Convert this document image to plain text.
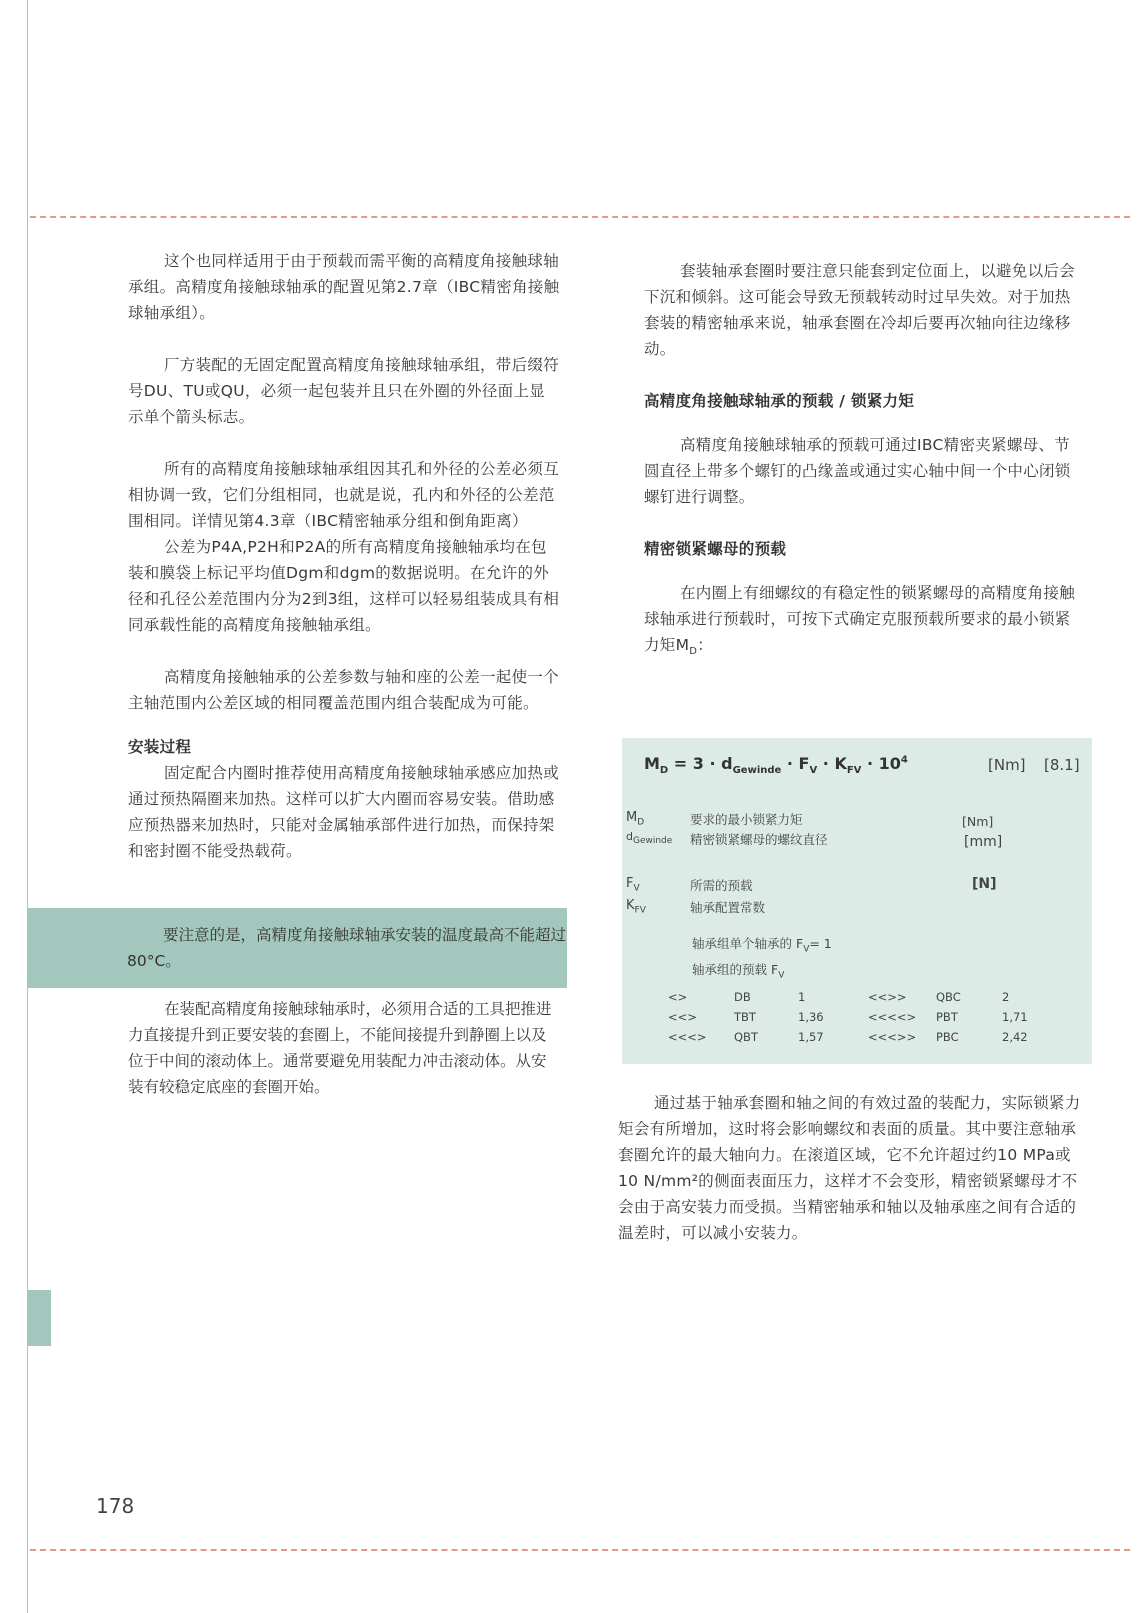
这个也同样适用于由于预载而需平衡的高精度角接触球轴承组。高精度角接触球轴承的配置见第2.7章（IBC精密角接触球轴承组）。

厂方装配的无固定配置高精度角接触球轴承组，带后缀符号DU、TU或QU，必须一起包装并且只在外圈的外径面上显示单个箭头标志。

所有的高精度角接触球轴承组因其孔和外径的公差必须互相协调一致，它们分组相同，也就是说，孔内和外径的公差范围相同。详情见第4.3章（IBC精密轴承分组和倒角距离）

公差为P4A,P2H和P2A的所有高精度角接触轴承均在包装和膜袋上标记平均值Dgm和dgm的数据说明。在允许的外径和孔径公差范围内分为2到3组，这样可以轻易组装成具有相同承载性能的高精度角接触轴承组。

高精度角接触轴承的公差参数与轴和座的公差一起使一个主轴范围内公差区域的相同覆盖范围内组合装配成为可能。

安装过程

固定配合内圈时推荐使用高精度角接触球轴承感应加热或通过预热隔圈来加热。这样可以扩大内圈而容易安装。借助感应预热器来加热时，只能对金属轴承部件进行加热，而保持架和密封圈不能受热载荷。

要注意的是，高精度角接触球轴承安装的温度最高不能超过80°C。

在装配高精度角接触球轴承时，必须用合适的工具把推进力直接提升到正要安装的套圈上，不能间接提升到静圈上以及位于中间的滚动体上。通常要避免用装配力冲击滚动体。从安装有较稳定底座的套圈开始。

套装轴承套圈时要注意只能套到定位面上，以避免以后会下沉和倾斜。这可能会导致无预载转动时过早失效。对于加热套装的精密轴承来说，轴承套圈在冷却后要再次轴向往边缘移动。

高精度角接触球轴承的预载 / 锁紧力矩

高精度角接触球轴承的预载可通过IBC精密夹紧螺母、节圆直径上带多个螺钉的凸缘盖或通过实心轴中间一个中心闭锁螺钉进行调整。

精密锁紧螺母的预载

在内圈上有细螺纹的有稳定性的锁紧螺母的高精度角接触球轴承进行预载时，可按下式确定克服预载所要求的最小锁紧力矩$M_D$：

$M_D = 3 \cdot d_{Gewinde} \cdot F_V \cdot K_{FV} \cdot 10^4$	[Nm] [8.1]
$M_D$	要求的最小锁紧力矩	[Nm]
$d_{Gewinde}$ 精密锁紧螺母的螺纹直径	[mm]
$F_V$	所需的预载	[N]
$K_{FV}$	轴承配置常数
轴承组单个轴承的 $F_V= 1$
轴承组的预载 $F_V$
<>	DB	1	<<>>	QBC	2
<<>	TBT	1,36	<<<<> PBT	1,71
<<<> QBT	1,57	<<<>> PBC	2,42

通过基于轴承套圈和轴之间的有效过盈的装配力，实际锁紧力矩会有所增加，这时将会影响螺纹和表面的质量。其中要注意轴承套圈允许的最大轴向力。在滚道区域，它不允许超过约10 MPa或10 N/mm²的侧面表面压力，这样才不会变形，精密锁紧螺母才不会由于高安装力而受损。当精密轴承和轴以及轴承座之间有合适的温差时，可以减小安装力。

178
